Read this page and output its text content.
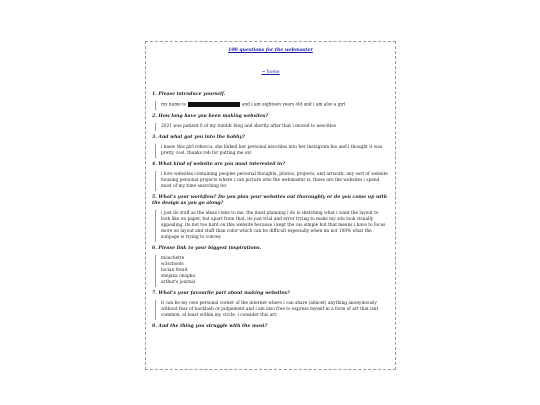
100 questions for the webmaster
~ home
1. Please introduce yourself.
my name is	and i am eighteen years old and i am also a girl
2. How long have you been making websites?
2021 was patient 0 of my tumblr blog and shortly after that i moved to neocities
3. And what got you into the hobby?
i knew this girl rebecca. she linked her personal neocities into her instagram bio and i thought it was pretty cool. thanks reb for putting me on!
4. What kind of website are you most interested in?
i love websites containing peoples personal thoughts, photos, projects, and artwork. any sort of website housing personal projects where i can picture who the webmaster is, those are the websites i spend most of my time searching for
5. What's your workflow? Do you plan your websites out thoroughly or do you come up with the design as you go along?
i just do stuff as the ideas come to me. the most planning i do is sketching what i want the layout to look like on paper, but apart from that, its just trial and error trying to make my site look visually appealing. its not too hard on this website because i kept the css simple but that means i have to focus more on layout and stuff than color which can be difficult especially when im not 100% what the subpage is trying to convey
6. Please link to your biggest inspirations.
mouchette
w3schools
lucian freud
snejana onopka
arthur's journal
7. What's your favourite part about making websites?
it can be my own personal corner of the internet where i can share (almost) anything anonymously without fear of backlash or judgement and i am also free to express myself in a form of art that isnt common, at least within my circle. i consider this art.
8. And the thing you struggle with the most?
